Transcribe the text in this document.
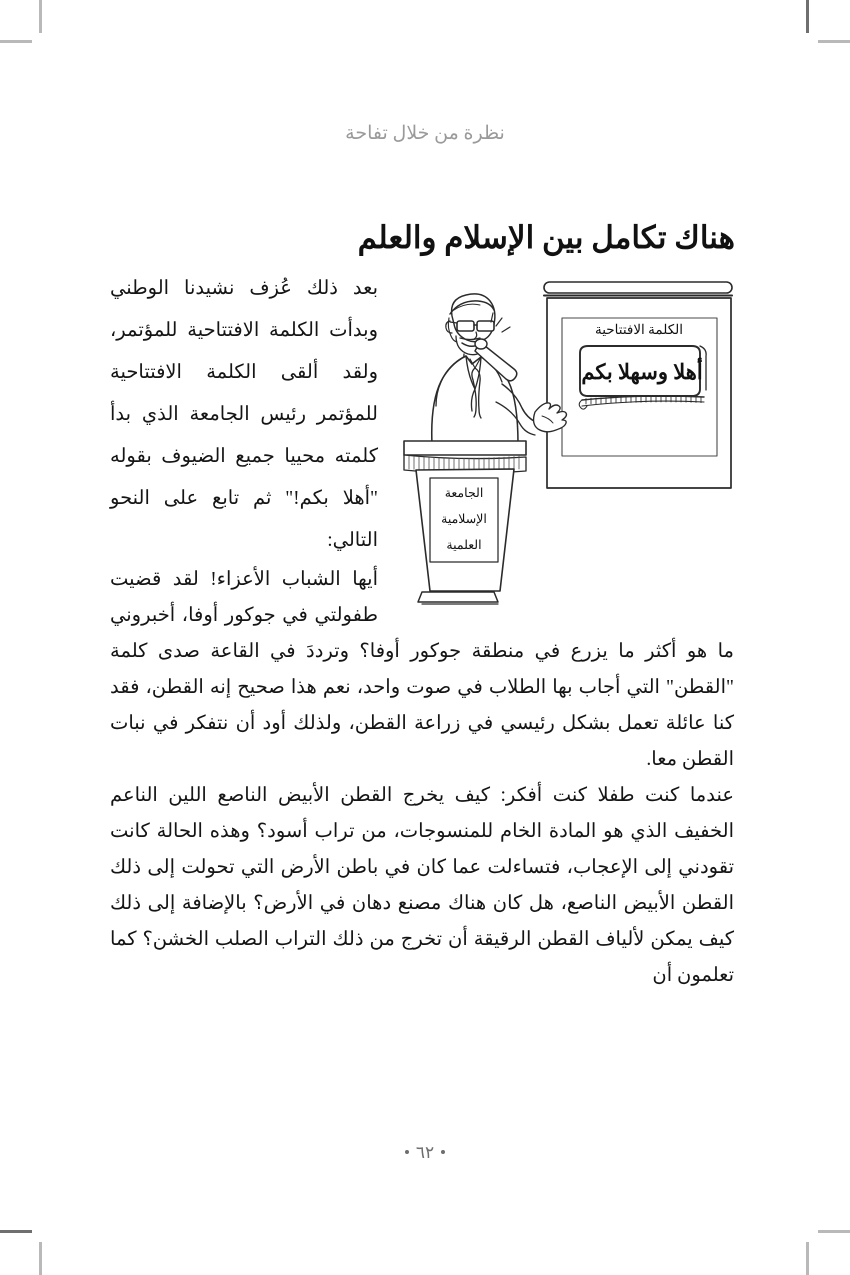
نظرة من خلال تفاحة
هناك تكامل بين الإسلام والعلم
الكلمة الافتتاحية
أهلا وسهلا بكم
الجامعة
الإسلامية
العلمية

بعد ذلك عُزف نشيدنا الوطني وبدأت الكلمة الافتتاحية للمؤتمر، ولقد ألقى الكلمة الافتتاحية للمؤتمر رئيس الجامعة الذي بدأ كلمته محييا جميع الضيوف بقوله "أهلا بكم!" ثم تابع على النحو التالي:

أيها الشباب الأعزاء! لقد قضيت طفولتي في جوكور أوفا، أخبروني ما هو أكثر ما يزرع في منطقة جوكور أوفا؟ وترددَ في القاعة صدى كلمة "القطن" التي أجاب بها الطلاب في صوت واحد، نعم هذا صحيح إنه القطن، فقد كنا عائلة تعمل بشكل رئيسي في زراعة القطن، ولذلك أود أن نتفكر في نبات القطن معا.

عندما كنت طفلا كنت أفكر: كيف يخرج القطن الأبيض الناصع اللين الناعم الخفيف الذي هو المادة الخام للمنسوجات، من تراب أسود؟ وهذه الحالة كانت تقودني إلى الإعجاب، فتساءلت عما كان في باطن الأرض التي تحولت إلى ذلك القطن الأبيض الناصع، هل كان هناك مصنع دهان في الأرض؟ بالإضافة إلى ذلك كيف يمكن لألياف القطن الرقيقة أن تخرج من ذلك التراب الصلب الخشن؟ كما تعلمون أن

٦٢
